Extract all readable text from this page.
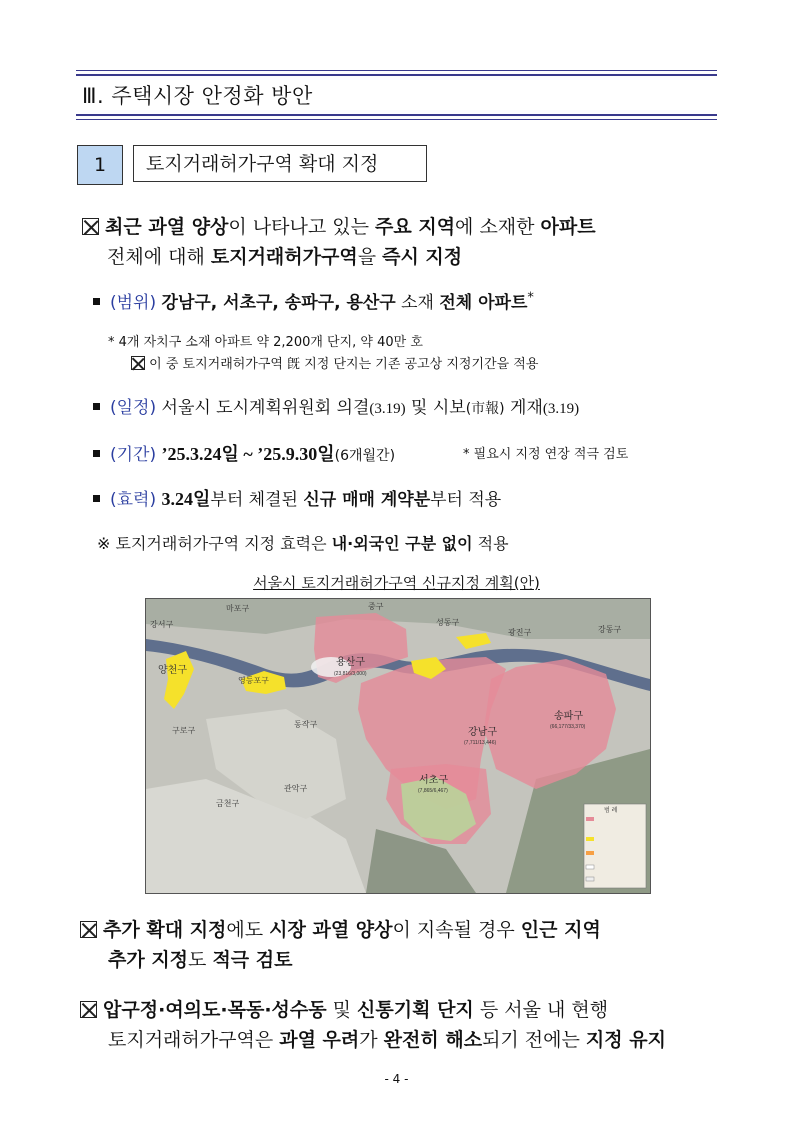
Ⅲ. 주택시장 안정화 방안
1	토지거래허가구역 확대 지정
최근 과열 양상이 나타나고 있는 주요 지역에 소재한 아파트
전체에 대해 토지거래허가구역을 즉시 지정
(범위) 강남구, 서초구, 송파구, 용산구 소재 전체 아파트*
* 4개 자치구 소재 아파트 약 2,200개 단지, 약 40만 호
이 중 토지거래허가구역 旣 지정 단지는 기존 공고상 지정기간을 적용
(일정) 서울시 도시계획위원회 의결(3.19) 및 시보(市報) 게재(3.19)
(기간) ’25.3.24일 ~ ’25.9.30일(6개월간)	* 필요시 지정 연장 적극 검토
(효력) 3.24일부터 체결된 신규 매매 계약분부터 적용
※ 토지거래허가구역 지정 효력은 내·외국인 구분 없이 적용
서울시 토지거래허가구역 신규지정 계획(안)
마포구	중구
성동구
광진구	강동구
강서구
양천구
영등포구
동작구
구로구
금천구
관악구
용산구
(23,816/3,000)
강남구
(7,711/13,446)
송파구
(66,177/33,370)
서초구
(7,865/6,467)
범 례
추가 확대 지정에도 시장 과열 양상이 지속될 경우 인근 지역
추가 지정도 적극 검토
압구정·여의도·목동·성수동 및 신통기획 단지 등 서울 내 현행
토지거래허가구역은 과열 우려가 완전히 해소되기 전에는 지정 유지
- 4 -
